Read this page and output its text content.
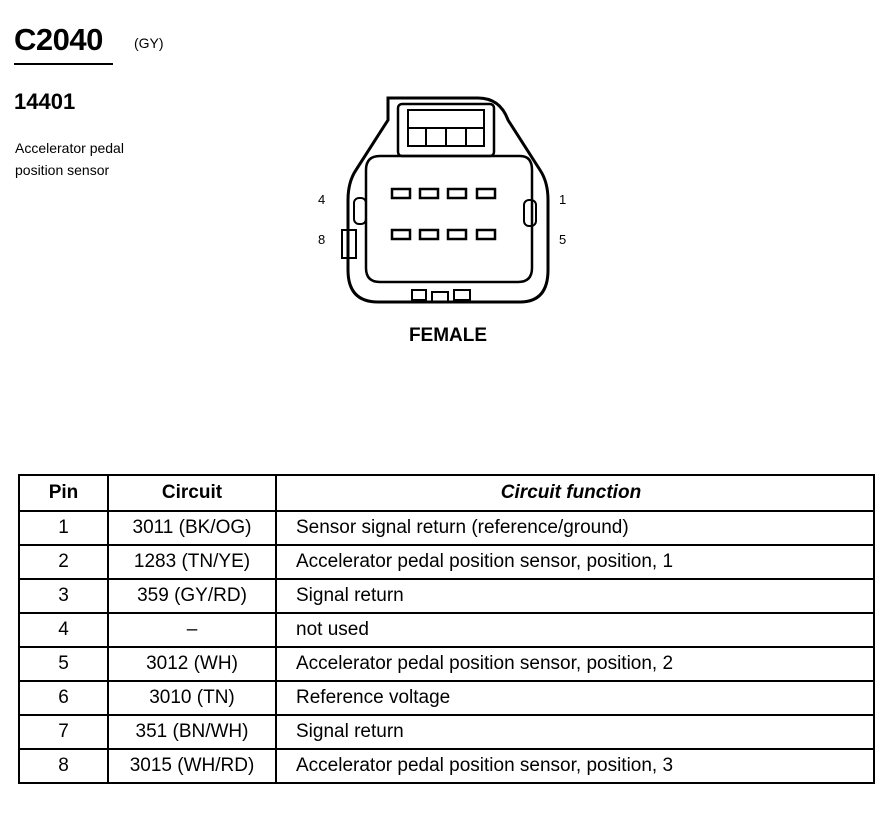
C2040 (GY)
14401
Accelerator pedal position sensor
4
8
1
5
FEMALE
Pin	Circuit	Circuit function
1	3011 (BK/OG)	Sensor signal return (reference/ground)
2	1283 (TN/YE)	Accelerator pedal position sensor, position, 1
3	359 (GY/RD)	Signal return
4	–	not used
5	3012 (WH)	Accelerator pedal position sensor, position, 2
6	3010 (TN)	Reference voltage
7	351 (BN/WH)	Signal return
8	3015 (WH/RD)	Accelerator pedal position sensor, position, 3
